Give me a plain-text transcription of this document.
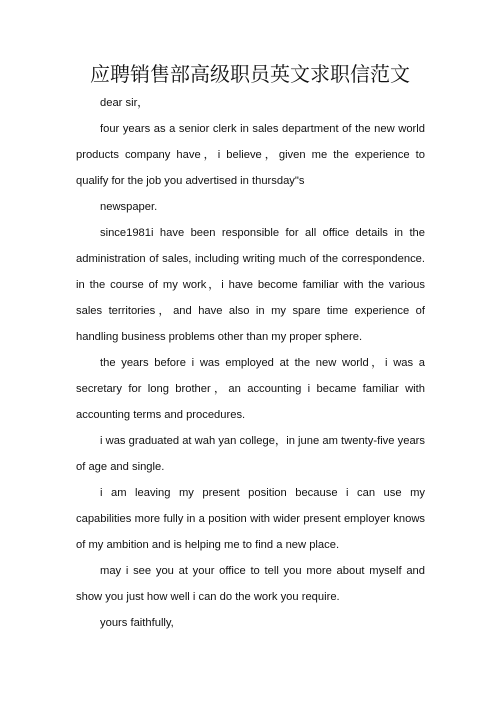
应聘销售部高级职员英文求职信范文

dear sir，

four years as a senior clerk in sales department of the new world products company have，i believe，given me the experience to qualify for the job you advertised in thursday"s

newspaper.

since1981i have been responsible for all office details in the administration of sales, including writing much of the correspondence. in the course of my work，i have become familiar with the various sales territories，and have also in my spare time experience of handling business problems other than my proper sphere.

the years before i was employed at the new world，i was a secretary for long brother，an accounting i became familiar with accounting terms and procedures.

i was graduated at wah yan college，in june am twenty-five years of age and single.

i am leaving my present position because i can use my capabilities more fully in a position with wider present employer knows of my ambition and is helping me to find a new place.

may i see you at your office to tell you more about myself and show you just how well i can do the work you require.

yours faithfully,
